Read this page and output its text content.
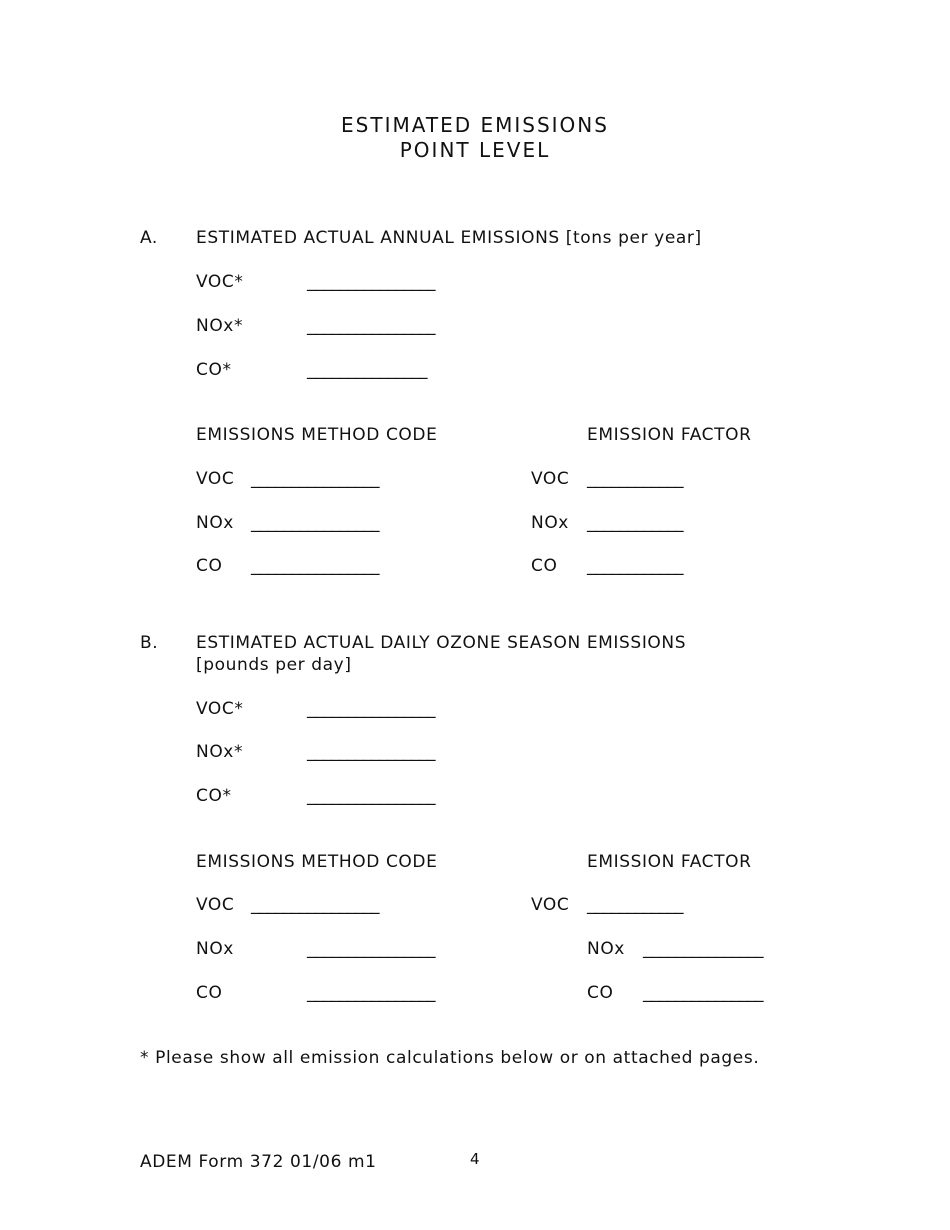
ESTIMATED EMISSIONS
POINT LEVEL
A. ESTIMATED ACTUAL ANNUAL EMISSIONS [tons per year]
VOC*	________________
NOx*	________________
CO*	_______________
EMISSIONS METHOD CODE	EMISSION FACTOR
VOC ________________	VOC ____________
NOx ________________	NOx ____________
CO ________________	CO ____________
B. ESTIMATED ACTUAL DAILY OZONE SEASON EMISSIONS
[pounds per day]
VOC*	________________
NOx*	________________
CO*	________________
EMISSIONS METHOD CODE	EMISSION FACTOR
VOC ________________	VOC ____________
NOx	________________	NOx _______________
CO	________________	CO _______________
* Please show all emission calculations below or on attached pages.
ADEM Form 372 01/06 m1	4
